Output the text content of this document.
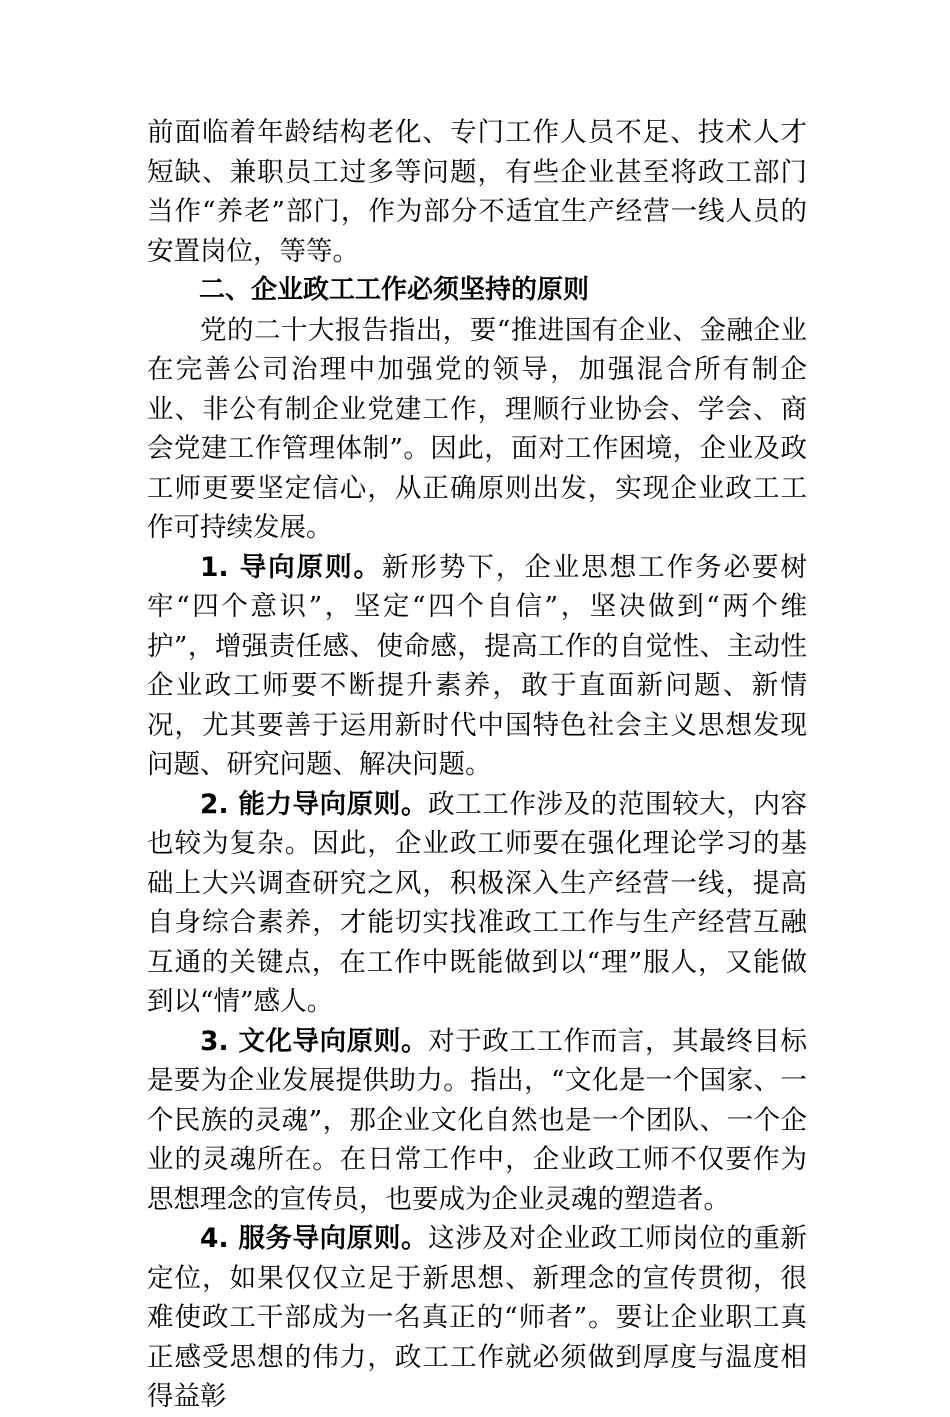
前面临着年龄结构老化、专门工作人员不足、技术人才短缺、兼职员工过多等问题，有些企业甚至将政工部门当作“养老”部门，作为部分不适宜生产经营一线人员的安置岗位，等等。

二、企业政工工作必须坚持的原则

党的二十大报告指出，要“推进国有企业、金融企业在完善公司治理中加强党的领导，加强混合所有制企业、非公有制企业党建工作，理顺行业协会、学会、商会党建工作管理体制”。因此，面对工作困境，企业及政工师更要坚定信心，从正确原则出发，实现企业政工工作可持续发展。

1. 导向原则。新形势下，企业思想工作务必要树牢“四个意识”，坚定“四个自信”，坚决做到“两个维护”，增强责任感、使命感，提高工作的自觉性、主动性企业政工师要不断提升素养，敢于直面新问题、新情况，尤其要善于运用新时代中国特色社会主义思想发现问题、研究问题、解决问题。

2. 能力导向原则。政工工作涉及的范围较大，内容也较为复杂。因此，企业政工师要在强化理论学习的基础上大兴调查研究之风，积极深入生产经营一线，提高自身综合素养，才能切实找准政工工作与生产经营互融互通的关键点，在工作中既能做到以“理”服人，又能做到以“情”感人。

3. 文化导向原则。对于政工工作而言，其最终目标是要为企业发展提供助力。指出，“文化是一个国家、一个民族的灵魂”，那企业文化自然也是一个团队、一个企业的灵魂所在。在日常工作中，企业政工师不仅要作为思想理念的宣传员，也要成为企业灵魂的塑造者。

4. 服务导向原则。这涉及对企业政工师岗位的重新定位，如果仅仅立足于新思想、新理念的宣传贯彻，很难使政工干部成为一名真正的“师者”。要让企业职工真正感受思想的伟力，政工工作就必须做到厚度与温度相得益彰
